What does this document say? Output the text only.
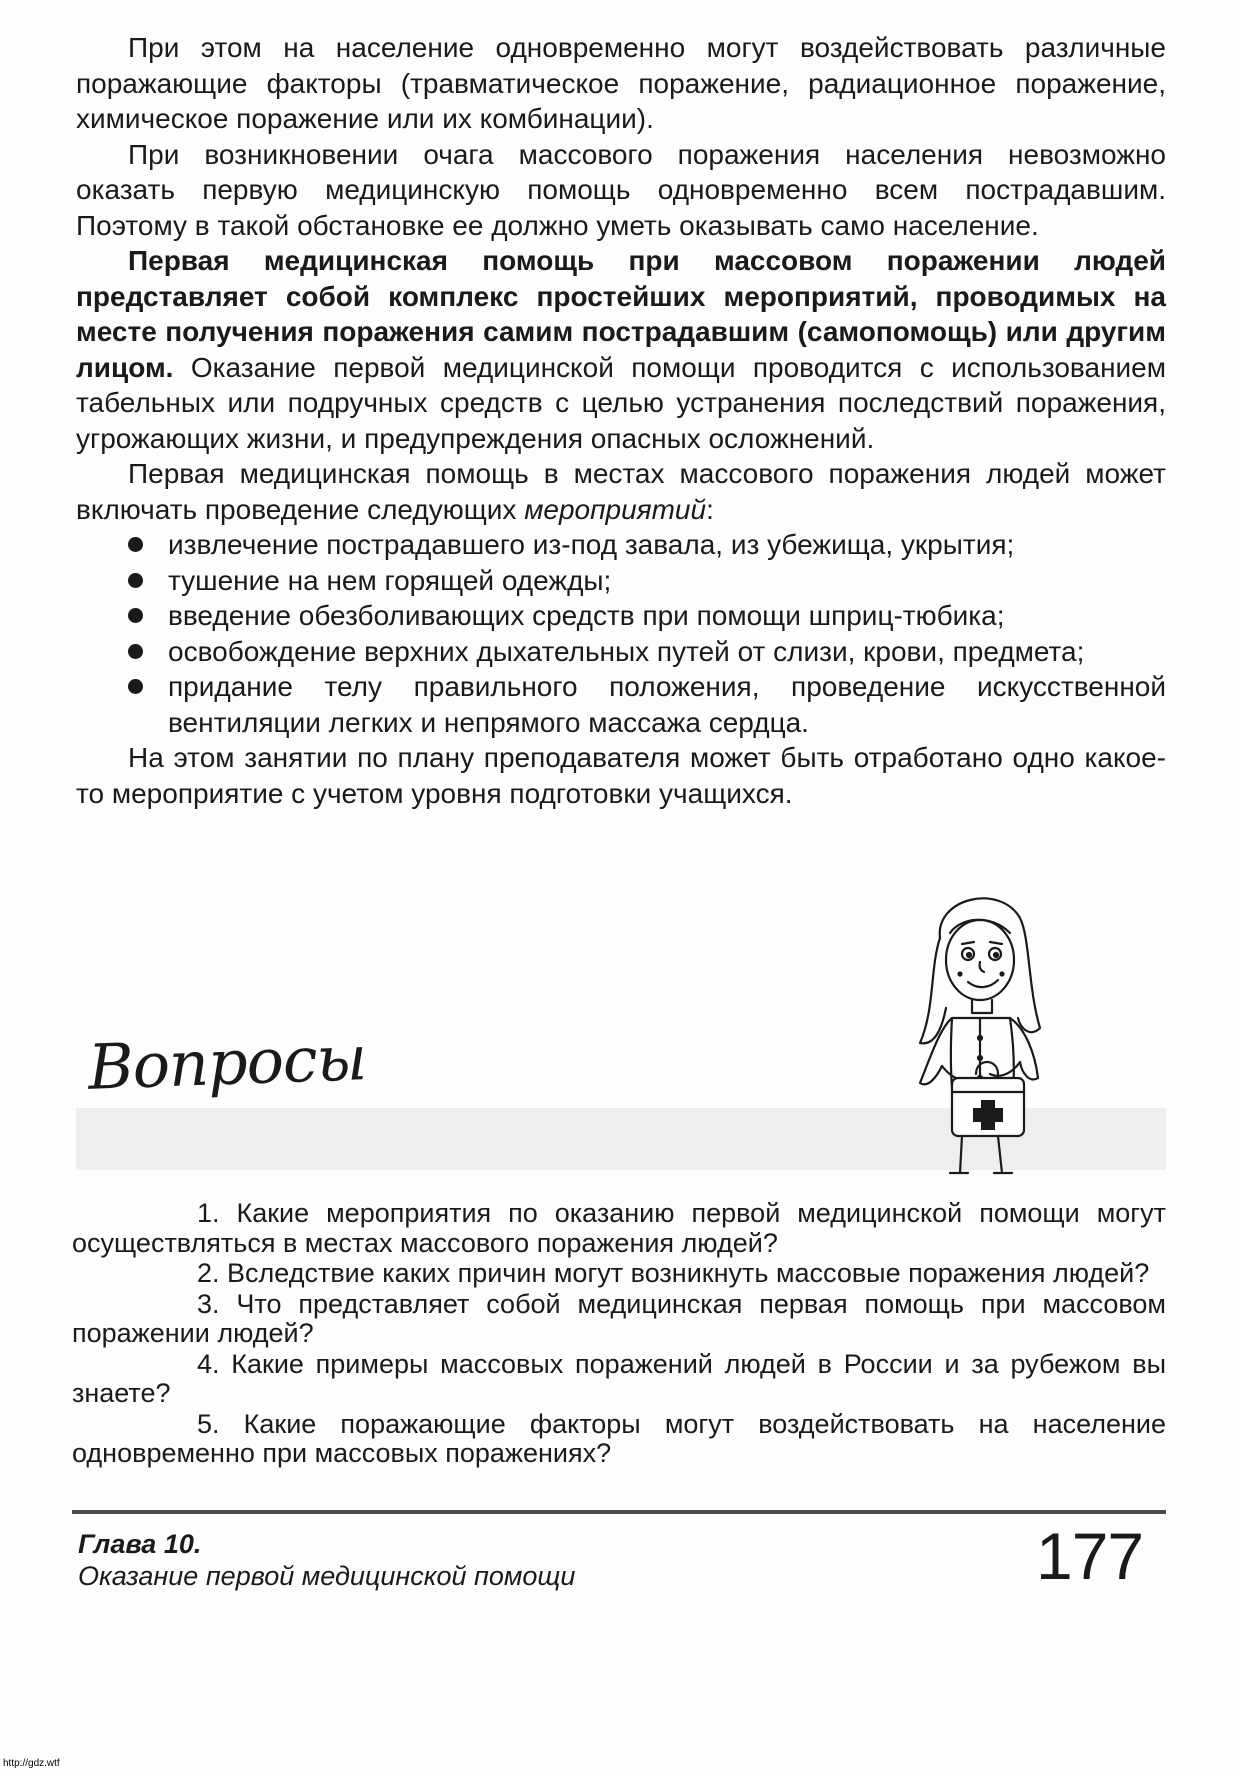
При этом на население одновременно могут воздействовать различные поражающие факторы (травматическое поражение, радиационное поражение, химическое поражение или их комбинации).

При возникновении очага массового поражения населения невозможно оказать первую медицинскую помощь одновременно всем пострадавшим. Поэтому в такой обстановке ее должно уметь оказывать само население.

Первая медицинская помощь при массовом поражении людей представляет собой комплекс простейших мероприятий, проводимых на месте получения поражения самим пострадавшим (самопомощь) или другим лицом. Оказание первой медицинской помощи проводится с использованием табельных или подручных средств с целью устранения последствий поражения, угрожающих жизни, и предупреждения опасных осложнений.

Первая медицинская помощь в местах массового поражения людей может включать проведение следующих мероприятий:

извлечение пострадавшего из-под завала, из убежища, укрытия;
тушение на нем горящей одежды;
введение обезболивающих средств при помощи шприц-тюбика;
освобождение верхних дыхательных путей от слизи, крови, предмета;
придание телу правильного положения, проведение искусственной вентиляции легких и непрямого массажа сердца.

На этом занятии по плану преподавателя может быть отработано одно какое-то мероприятие с учетом уровня подготовки учащихся.

Вопросы

1. Какие мероприятия по оказанию первой медицинской помощи могут осуществляться в местах массового поражения людей?

2. Вследствие каких причин могут возникнуть массовые поражения людей?

3. Что представляет собой медицинская первая помощь при массовом поражении людей?

4. Какие примеры массовых поражений людей в России и за рубежом вы знаете?

5. Какие поражающие факторы могут воздействовать на население одновременно при массовых поражениях?

Глава 10.
Оказание первой медицинской помощи	177
http://gdz.wtf
